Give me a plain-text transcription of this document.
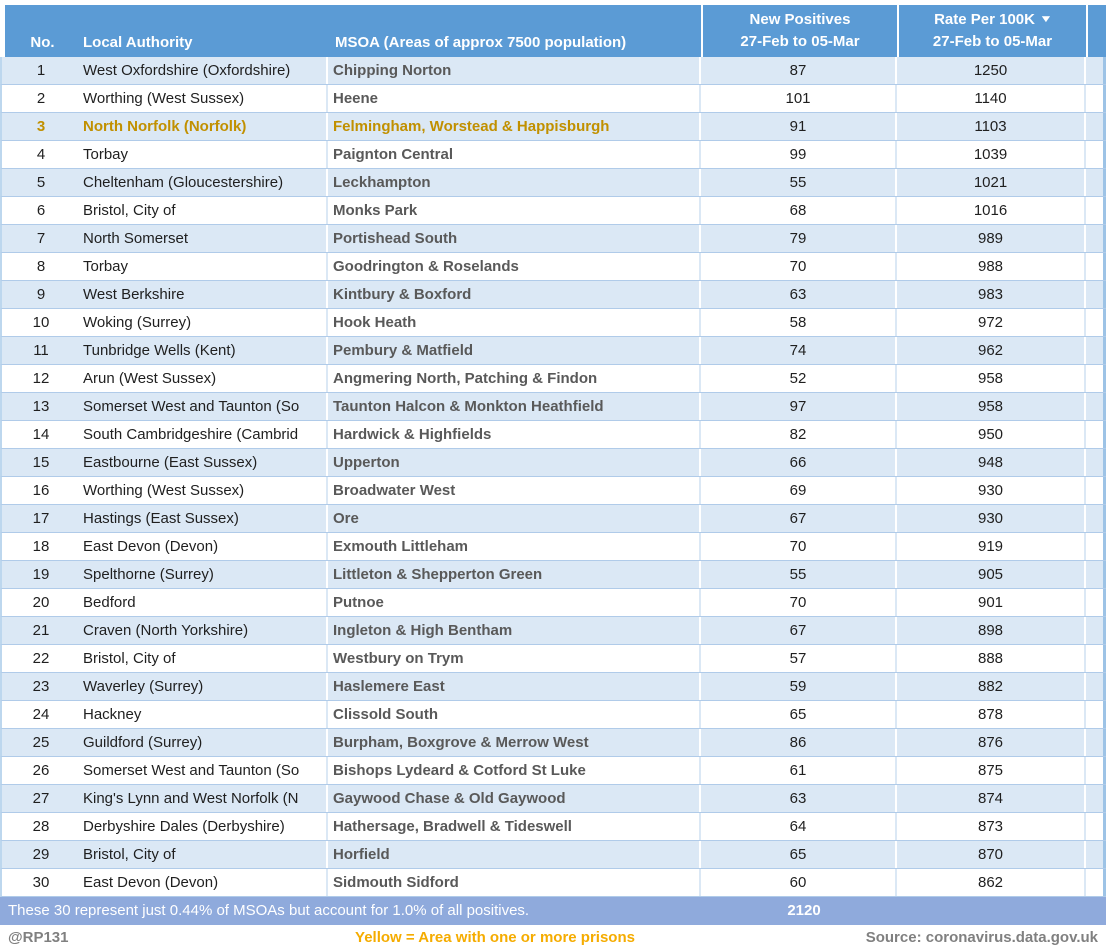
No. Local Authority	MSOA (Areas of approx 7500 population)
New Positives
27-Feb to 05-Mar
Rate Per 100K ▼
27-Feb to 05-Mar
1	West Oxfordshire (Oxfordshire)	Chipping Norton	87	1250
2	Worthing (West Sussex)	Heene	101	1140
3	North Norfolk (Norfolk)	Felmingham, Worstead & Happisburgh	91	1103
4	Torbay	Paignton Central	99	1039
5	Cheltenham (Gloucestershire)	Leckhampton	55	1021
6	Bristol, City of	Monks Park	68	1016
7	North Somerset	Portishead South	79	989
8	Torbay	Goodrington & Roselands	70	988
9	West Berkshire	Kintbury & Boxford	63	983
10	Woking (Surrey)	Hook Heath	58	972
11	Tunbridge Wells (Kent)	Pembury & Matfield	74	962
12	Arun (West Sussex)	Angmering North, Patching & Findon	52	958
13	Somerset West and Taunton (So	Taunton Halcon & Monkton Heathfield	97	958
14	South Cambridgeshire (Cambrid	Hardwick & Highfields	82	950
15	Eastbourne (East Sussex)	Upperton	66	948
16	Worthing (West Sussex)	Broadwater West	69	930
17	Hastings (East Sussex)	Ore	67	930
18	East Devon (Devon)	Exmouth Littleham	70	919
19	Spelthorne (Surrey)	Littleton & Shepperton Green	55	905
20	Bedford	Putnoe	70	901
21	Craven (North Yorkshire)	Ingleton & High Bentham	67	898
22	Bristol, City of	Westbury on Trym	57	888
23	Waverley (Surrey)	Haslemere East	59	882
24	Hackney	Clissold South	65	878
25	Guildford (Surrey)	Burpham, Boxgrove & Merrow West	86	876
26	Somerset West and Taunton (So	Bishops Lydeard & Cotford St Luke	61	875
27	King's Lynn and West Norfolk (N	Gaywood Chase & Old Gaywood	63	874
28	Derbyshire Dales (Derbyshire)	Hathersage, Bradwell & Tideswell	64	873
29	Bristol, City of	Horfield	65	870
30	East Devon (Devon)	Sidmouth Sidford	60	862
These 30 represent just 0.44% of MSOAs but account for 1.0% of all positives.	2120
@RP131	Yellow = Area with one or more prisons	Source: coronavirus.data.gov.uk
